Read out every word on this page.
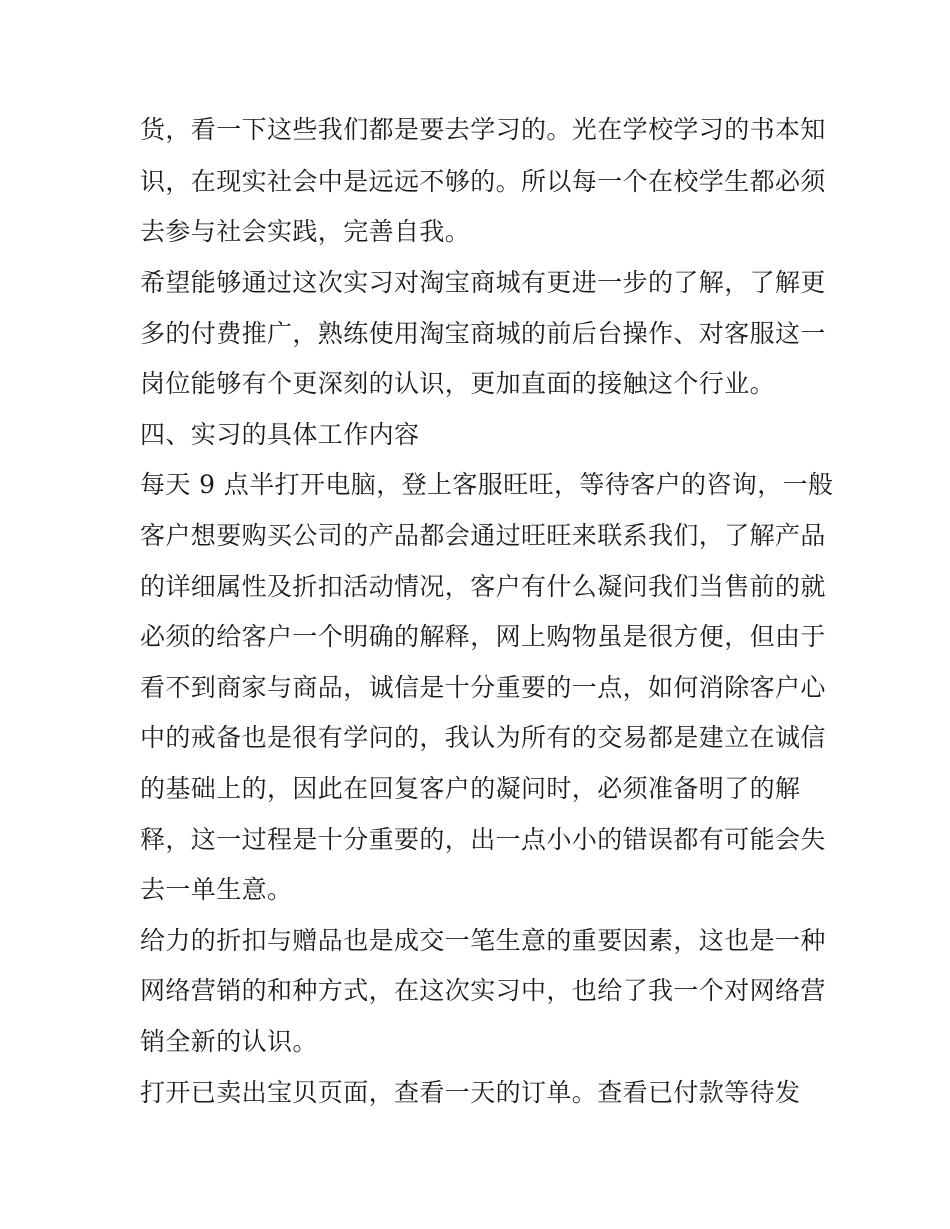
货，看一下这些我们都是要去学习的。光在学校学习的书本知
识，在现实社会中是远远不够的。所以每一个在校学生都必须
去参与社会实践，完善自我。
希望能够通过这次实习对淘宝商城有更进一步的了解，了解更
多的付费推广，熟练使用淘宝商城的前后台操作、对客服这一
岗位能够有个更深刻的认识，更加直面的接触这个行业。
四、实习的具体工作内容
每天 9 点半打开电脑，登上客服旺旺，等待客户的咨询，一般
客户想要购买公司的产品都会通过旺旺来联系我们，了解产品
的详细属性及折扣活动情况，客户有什么凝问我们当售前的就
必须的给客户一个明确的解释，网上购物虽是很方便，但由于
看不到商家与商品，诚信是十分重要的一点，如何消除客户心
中的戒备也是很有学问的，我认为所有的交易都是建立在诚信
的基础上的，因此在回复客户的凝问时，必须准备明了的解
释，这一过程是十分重要的，出一点小小的错误都有可能会失
去一单生意。
给力的折扣与赠品也是成交一笔生意的重要因素，这也是一种
网络营销的和种方式，在这次实习中，也给了我一个对网络营
销全新的认识。
打开已卖出宝贝页面，查看一天的订单。查看已付款等待发
